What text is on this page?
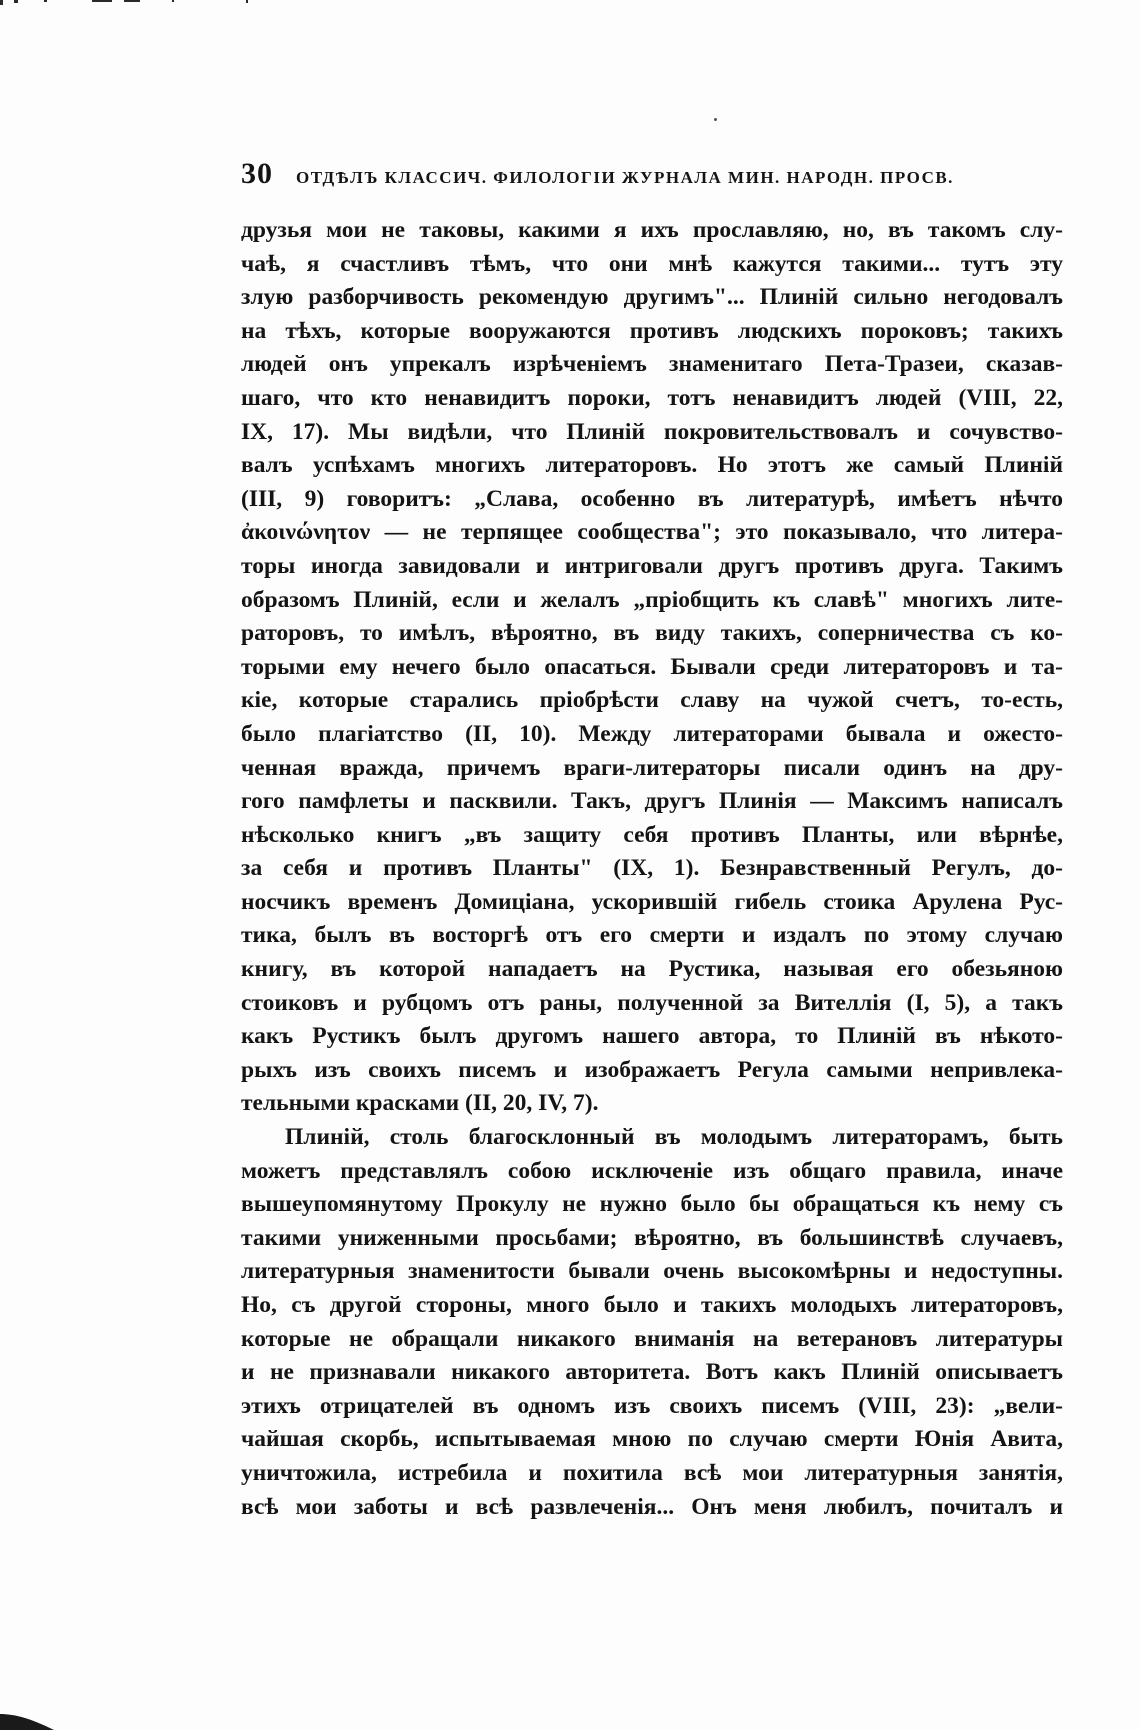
30	ОТДѢЛЪ КЛАССИЧ. ФИЛОЛОГІИ ЖУРНАЛА МИН. НАРОДН. ПРОСВ.
друзья мои не таковы, какими я ихъ прославляю, но, въ такомъ слу-
чаѣ, я счастливъ тѣмъ, что они мнѣ кажутся такими... тутъ эту
злую разборчивость рекомендую другимъ"... Плиній сильно негодовалъ
на тѣхъ, которые вооружаются противъ людскихъ пороковъ; такихъ
людей онъ упрекалъ изрѣченіемъ знаменитаго Пета-Тразеи, сказав-
шаго, что кто ненавидитъ пороки, тотъ ненавидитъ людей (VIII, 22,
IX, 17). Мы видѣли, что Плиній покровительствовалъ и сочувство-
валъ успѣхамъ многихъ литераторовъ. Но этотъ же самый Плиній
(III, 9) говоритъ: „Слава, особенно въ литературѣ, имѣетъ нѣчто
ἀκοινώνητον — не терпящее сообщества"; это показывало, что литера-
торы иногда завидовали и интриговали другъ противъ друга. Такимъ
образомъ Плиній, если и желалъ „пріобщить къ славѣ" многихъ лите-
раторовъ, то имѣлъ, вѣроятно, въ виду такихъ, соперничества съ ко-
торыми ему нечего было опасаться. Бывали среди литераторовъ и та-
кіе, которые старались пріобрѣсти славу на чужой счетъ, то-есть,
было плагіатство (II, 10). Между литераторами бывала и ожесто-
ченная вражда, причемъ враги-литераторы писали одинъ на дру-
гого памфлеты и пасквили. Такъ, другъ Плинія — Максимъ написалъ
нѣсколько книгъ „въ защиту себя противъ Планты, или вѣрнѣе,
за себя и противъ Планты" (IX, 1). Безнравственный Регулъ, до-
носчикъ временъ Домиціана, ускорившій гибель стоика Арулена Рус-
тика, былъ въ восторгѣ отъ его смерти и издалъ по этому случаю
книгу, въ которой нападаетъ на Рустика, называя его обезьяною
стоиковъ и рубцомъ отъ раны, полученной за Вителлія (I, 5), а такъ
какъ Рустикъ былъ другомъ нашего автора, то Плиній въ нѣкото-
рыхъ изъ своихъ писемъ и изображаетъ Регула самыми непривлека-
тельными красками (II, 20, IV, 7).
Плиній, столь благосклонный въ молодымъ литераторамъ, быть
можетъ представлялъ собою исключеніе изъ общаго правила, иначе
вышеупомянутому Прокулу не нужно было бы обращаться къ нему съ
такими униженными просьбами; вѣроятно, въ большинствѣ случаевъ,
литературныя знаменитости бывали очень высокомѣрны и недоступны.
Но, съ другой стороны, много было и такихъ молодыхъ литераторовъ,
которые не обращали никакого вниманія на ветерановъ литературы
и не признавали никакого авторитета. Вотъ какъ Плиній описываетъ
этихъ отрицателей въ одномъ изъ своихъ писемъ (VIII, 23): „вели-
чайшая скорбь, испытываемая мною по случаю смерти Юнія Авита,
уничтожила, истребила и похитила всѣ мои литературныя занятія,
всѣ мои заботы и всѣ развлеченія... Онъ меня любилъ, почиталъ и
